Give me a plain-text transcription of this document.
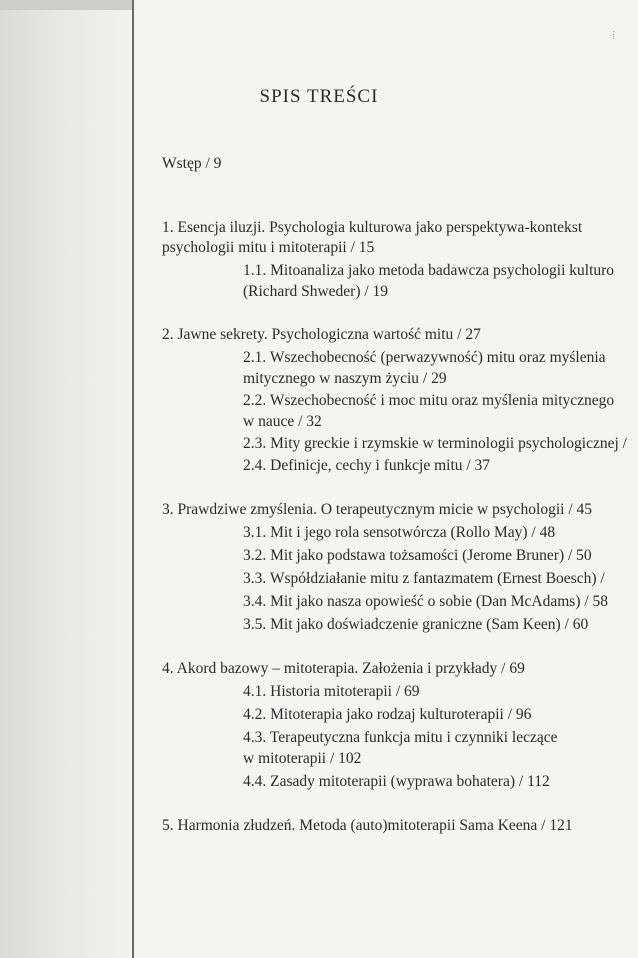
⁞
SPIS TREŚCI
Wstęp / 9
1. Esencja iluzji. Psychologia kulturowa jako perspektywa-kontekst
psychologii mitu i mitoterapii / 15
1.1. Mitoanaliza jako metoda badawcza psychologii kulturo
(Richard Shweder) / 19
2. Jawne sekrety. Psychologiczna wartość mitu / 27
2.1. Wszechobecność (perwazywność) mitu oraz myślenia
mitycznego w naszym życiu / 29
2.2. Wszechobecność i moc mitu oraz myślenia mitycznego
w nauce / 32
2.3. Mity greckie i rzymskie w terminologii psychologicznej /
2.4. Definicje, cechy i funkcje mitu / 37
3. Prawdziwe zmyślenia. O terapeutycznym micie w psychologii / 45
3.1. Mit i jego rola sensotwórcza (Rollo May) / 48
3.2. Mit jako podstawa tożsamości (Jerome Bruner) / 50
3.3. Współdziałanie mitu z fantazmatem (Ernest Boesch) /
3.4. Mit jako nasza opowieść o sobie (Dan McAdams) / 58
3.5. Mit jako doświadczenie graniczne (Sam Keen) / 60
4. Akord bazowy – mitoterapia. Założenia i przykłady / 69
4.1. Historia mitoterapii / 69
4.2. Mitoterapia jako rodzaj kulturoterapii / 96
4.3. Terapeutyczna funkcja mitu i czynniki leczące
w mitoterapii / 102
4.4. Zasady mitoterapii (wyprawa bohatera) / 112
5. Harmonia złudzeń. Metoda (auto)mitoterapii Sama Keena / 121
